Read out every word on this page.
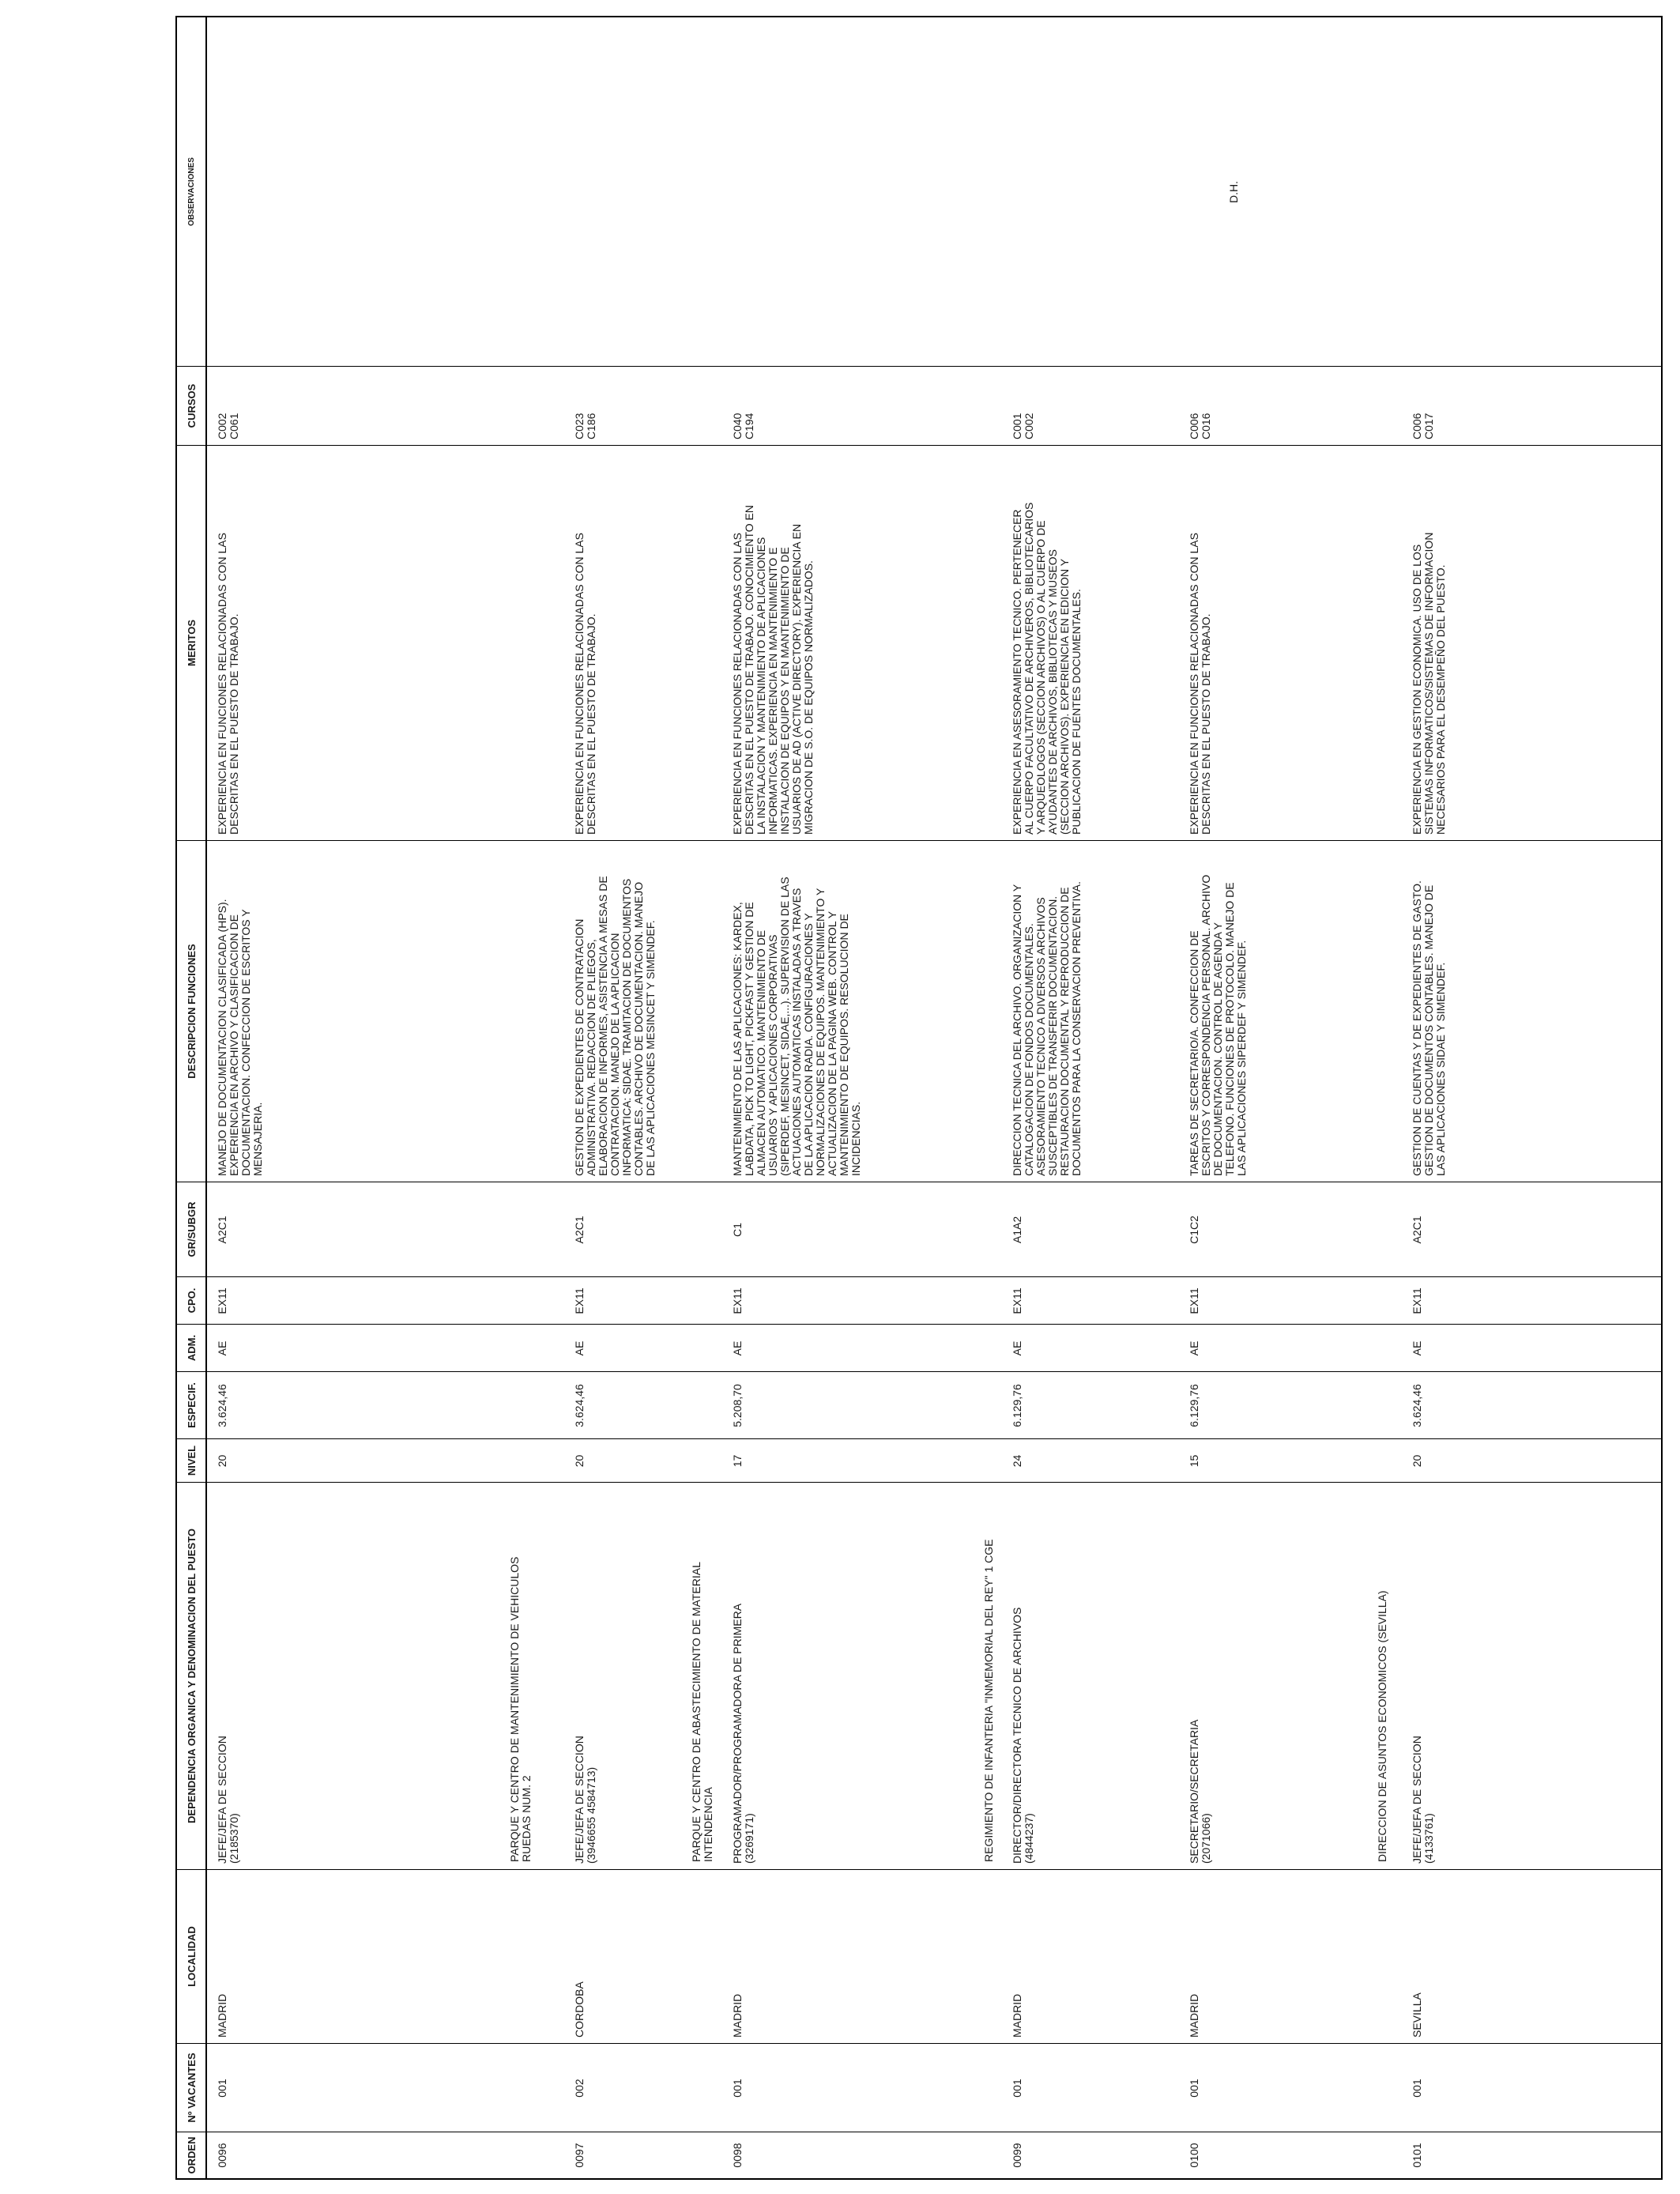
ORDEN
Nº VACANTES
LOCALIDAD
DEPENDENCIA ORGANICA Y DENOMINACION DEL PUESTO
NIVEL
ESPECIF.
ADM.
CPO.
GR/SUBGR
DESCRIPCION FUNCIONES
MERITOS
CURSOS
OBSERVACIONES
0096
001
MADRID
JEFE/JEFA DE SECCION
(2185370)
20
3.624,46
AE
EX11
A2C1
MANEJO DE DOCUMENTACION CLASIFICADA (HPS).
EXPERIENCIA EN ARCHIVO Y CLASIFICACION DE
DOCUMENTACION. CONFECCION DE ESCRITOS Y
MENSAJERIA.
EXPERIENCIA EN FUNCIONES RELACIONADAS CON LAS
DESCRITAS EN EL PUESTO DE TRABAJO.
C002
C061
PARQUE Y CENTRO DE MANTENIMIENTO DE VEHICULOS
RUEDAS NUM. 2
0097
002
CORDOBA
JEFE/JEFA DE SECCION
(3946655 4584713)
20
3.624,46
AE
EX11
A2C1
GESTION DE EXPEDIENTES DE CONTRATACION
ADMINISTRATIVA. REDACCION DE PLIEGOS,
ELABORACION DE INFORMES, ASISTENCIA A MESAS DE
CONTRATACION. MANEJO DE LA APLICACION
INFORMATICA: SIDAE. TRAMITACION DE DOCUMENTOS
CONTABLES. ARCHIVO DE DOCUMENTACION. MANEJO
DE LAS APLICACIONES MESINCET Y SIMENDEF.
EXPERIENCIA EN FUNCIONES RELACIONADAS CON LAS
DESCRITAS EN EL PUESTO DE TRABAJO.
C023
C186
PARQUE Y CENTRO DE ABASTECIMIENTO DE MATERIAL
INTENDENCIA
0098
001
MADRID
PROGRAMADOR/PROGRAMADORA DE PRIMERA
(3269171)
17
5.208,70
AE
EX11
C1
MANTENIMIENTO DE LAS APLICACIONES: KARDEX,
LABDATA, PICK TO LIGHT, PICKFAST Y GESTION DE
ALMACEN AUTOMATICO. MANTENIMIENTO DE
USUARIOS Y APLICACIONES CORPORATIVAS
(SIPERDEF, MESINCET, SIDAE,...). SUPERVISION DE LAS
ACTUACIONES AUTOMATICAS INSTALADAS A TRAVES
DE LA APLICACION RADIA. CONFIGURACIONES Y
NORMALIZACIONES DE EQUIPOS. MANTENIMIENTO Y
ACTUALIZACION DE LA PAGINA WEB. CONTROL Y
MANTENIMIENTO DE EQUIPOS. RESOLUCION DE
INCIDENCIAS.
EXPERIENCIA EN FUNCIONES RELACIONADAS CON LAS
DESCRITAS EN EL PUESTO DE TRABAJO. CONOCIMIENTO EN
LA INSTALACION Y MANTENIMIENTO DE APLICACIONES
INFORMATICAS. EXPERIENCIA EN MANTENIMIENTO E
INSTALACION DE EQUIPOS Y EN MANTENIMIENTO DE
USUARIOS DE AD (ACTIVE DIRECTORY). EXPERIENCIA EN
MIGRACION DE S.O. DE EQUIPOS NORMALIZADOS.
C040
C194
REGIMIENTO DE INFANTERIA "INMEMORIAL DEL REY" 1 CGE
0099
001
MADRID
DIRECTOR/DIRECTORA TECNICO DE ARCHIVOS
(4844237)
24
6.129,76
AE
EX11
A1A2
DIRECCION TECNICA DEL ARCHIVO. ORGANIZACION Y
CATALOGACION DE FONDOS DOCUMENTALES.
ASESORAMIENTO TECNICO A DIVERSOS ARCHIVOS
SUSCEPTIBLES DE TRANSFERIR DOCUMENTACION.
RESTAURACION DOCUMENTAL Y REPRODUCCION DE
DOCUMENTOS PARA LA CONSERVACION PREVENTIVA.
EXPERIENCIA EN ASESORAMIENTO TECNICO. PERTENECER
AL CUERPO FACULTATIVO DE ARCHIVEROS, BIBLIOTECARIOS
Y ARQUEOLOGOS (SECCION ARCHIVOS) O AL CUERPO DE
AYUDANTES DE ARCHIVOS, BIBLIOTECAS Y MUSEOS
(SECCION ARCHIVOS). EXPERIENCIA EN EDICION Y
PUBLICACION DE FUENTES DOCUMENTALES.
C001
C002
0100
001
MADRID
SECRETARIO/SECRETARIA
(2071066)
15
6.129,76
AE
EX11
C1C2
TAREAS DE SECRETARIO/A. CONFECCION DE
ESCRITOS Y CORRESPONDENCIA PERSONAL. ARCHIVO
DE DOCUMENTACION. CONTROL DE AGENDA Y
TELEFONO. FUNCIONES DE PROTOCOLO. MANEJO DE
LAS APLICACIONES SIPERDEF Y SIMENDEF.
EXPERIENCIA EN FUNCIONES RELACIONADAS CON LAS
DESCRITAS EN EL PUESTO DE TRABAJO.
C006
C016
D.H.
DIRECCION DE ASUNTOS ECONOMICOS (SEVILLA)
0101
001
SEVILLA
JEFE/JEFA DE SECCION
(4133761)
20
3.624,46
AE
EX11
A2C1
GESTION DE CUENTAS Y DE EXPEDIENTES DE GASTO.
GESTION DE DOCUMENTOS CONTABLES. MANEJO DE
LAS APLICACIONES SIDAE Y SIMENDEF.
EXPERIENCIA EN GESTION ECONOMICA. USO DE LOS
SISTEMAS INFORMATICOS/SISTEMAS DE INFORMACION
NECESARIOS PARA EL DESEMPEÑO DEL PUESTO.
C006
C017
